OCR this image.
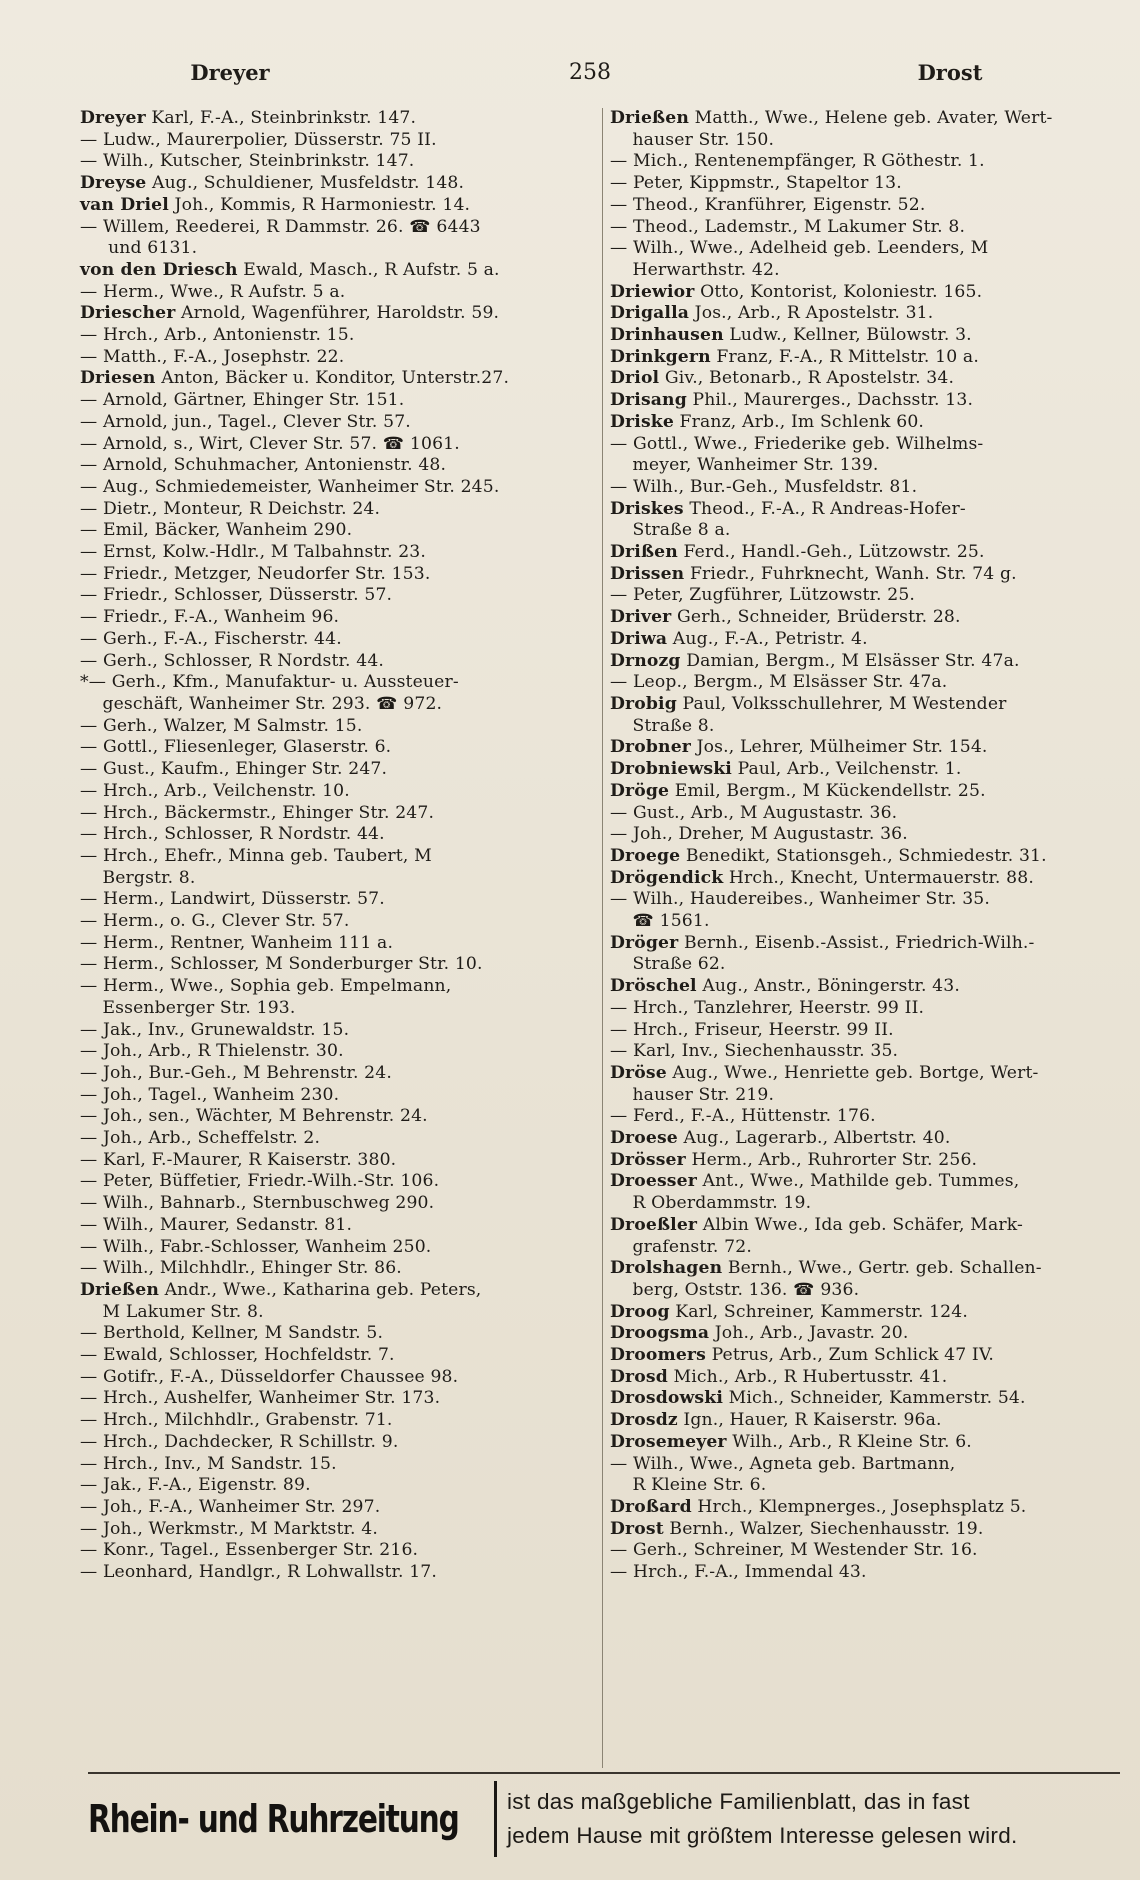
Dreyer	258	Drost
Dreyer Karl, F.-A., Steinbrinkstr. 147.
— Ludw., Maurerpolier, Düsserstr. 75 II.
— Wilh., Kutscher, Steinbrinkstr. 147.
Dreyse Aug., Schuldiener, Musfeldstr. 148.
van Driel Joh., Kommis, R Harmoniestr. 14.
— Willem, Reederei, R Dammstr. 26. ☎ 6443
und 6131.
von den Driesch Ewald, Masch., R Aufstr. 5 a.
— Herm., Wwe., R Aufstr. 5 a.
Driescher Arnold, Wagenführer, Haroldstr. 59.
— Hrch., Arb., Antonienstr. 15.
— Matth., F.-A., Josephstr. 22.
Driesen Anton, Bäcker u. Konditor, Unterstr.27.
— Arnold, Gärtner, Ehinger Str. 151.
— Arnold, jun., Tagel., Clever Str. 57.
— Arnold, s., Wirt, Clever Str. 57. ☎ 1061.
— Arnold, Schuhmacher, Antonienstr. 48.
— Aug., Schmiedemeister, Wanheimer Str. 245.
— Dietr., Monteur, R Deichstr. 24.
— Emil, Bäcker, Wanheim 290.
— Ernst, Kolw.-Hdlr., M Talbahnstr. 23.
— Friedr., Metzger, Neudorfer Str. 153.
— Friedr., Schlosser, Düsserstr. 57.
— Friedr., F.-A., Wanheim 96.
— Gerh., F.-A., Fischerstr. 44.
— Gerh., Schlosser, R Nordstr. 44.
*— Gerh., Kfm., Manufaktur- u. Aussteuer-
geschäft, Wanheimer Str. 293. ☎ 972.
— Gerh., Walzer, M Salmstr. 15.
— Gottl., Fliesenleger, Glaserstr. 6.
— Gust., Kaufm., Ehinger Str. 247.
— Hrch., Arb., Veilchenstr. 10.
— Hrch., Bäckermstr., Ehinger Str. 247.
— Hrch., Schlosser, R Nordstr. 44.
— Hrch., Ehefr., Minna geb. Taubert, M
Bergstr. 8.
— Herm., Landwirt, Düsserstr. 57.
— Herm., o. G., Clever Str. 57.
— Herm., Rentner, Wanheim 111 a.
— Herm., Schlosser, M Sonderburger Str. 10.
— Herm., Wwe., Sophia geb. Empelmann,
Essenberger Str. 193.
— Jak., Inv., Grunewaldstr. 15.
— Joh., Arb., R Thielenstr. 30.
— Joh., Bur.-Geh., M Behrenstr. 24.
— Joh., Tagel., Wanheim 230.
— Joh., sen., Wächter, M Behrenstr. 24.
— Joh., Arb., Scheffelstr. 2.
— Karl, F.-Maurer, R Kaiserstr. 380.
— Peter, Büffetier, Friedr.-Wilh.-Str. 106.
— Wilh., Bahnarb., Sternbuschweg 290.
— Wilh., Maurer, Sedanstr. 81.
— Wilh., Fabr.-Schlosser, Wanheim 250.
— Wilh., Milchhdlr., Ehinger Str. 86.
Drießen Andr., Wwe., Katharina geb. Peters,
M Lakumer Str. 8.
— Berthold, Kellner, M Sandstr. 5.
— Ewald, Schlosser, Hochfeldstr. 7.
— Gotifr., F.-A., Düsseldorfer Chaussee 98.
— Hrch., Aushelfer, Wanheimer Str. 173.
— Hrch., Milchhdlr., Grabenstr. 71.
— Hrch., Dachdecker, R Schillstr. 9.
— Hrch., Inv., M Sandstr. 15.
— Jak., F.-A., Eigenstr. 89.
— Joh., F.-A., Wanheimer Str. 297.
— Joh., Werkmstr., M Marktstr. 4.
— Konr., Tagel., Essenberger Str. 216.
— Leonhard, Handlgr., R Lohwallstr. 17.
Drießen Matth., Wwe., Helene geb. Avater, Wert-
hauser Str. 150.
— Mich., Rentenempfänger, R Göthestr. 1.
— Peter, Kippmstr., Stapeltor 13.
— Theod., Kranführer, Eigenstr. 52.
— Theod., Lademstr., M Lakumer Str. 8.
— Wilh., Wwe., Adelheid geb. Leenders, M
Herwarthstr. 42.
Driewior Otto, Kontorist, Koloniestr. 165.
Drigalla Jos., Arb., R Apostelstr. 31.
Drinhausen Ludw., Kellner, Bülowstr. 3.
Drinkgern Franz, F.-A., R Mittelstr. 10 a.
Driol Giv., Betonarb., R Apostelstr. 34.
Drisang Phil., Maurerges., Dachsstr. 13.
Driske Franz, Arb., Im Schlenk 60.
— Gottl., Wwe., Friederike geb. Wilhelms-
meyer, Wanheimer Str. 139.
— Wilh., Bur.-Geh., Musfeldstr. 81.
Driskes Theod., F.-A., R Andreas-Hofer-
Straße 8 a.
Drißen Ferd., Handl.-Geh., Lützowstr. 25.
Drissen Friedr., Fuhrknecht, Wanh. Str. 74 g.
— Peter, Zugführer, Lützowstr. 25.
Driver Gerh., Schneider, Brüderstr. 28.
Driwa Aug., F.-A., Petristr. 4.
Drnozg Damian, Bergm., M Elsässer Str. 47a.
— Leop., Bergm., M Elsässer Str. 47a.
Drobig Paul, Volksschullehrer, M Westender
Straße 8.
Drobner Jos., Lehrer, Mülheimer Str. 154.
Drobniewski Paul, Arb., Veilchenstr. 1.
Dröge Emil, Bergm., M Kückendellstr. 25.
— Gust., Arb., M Augustastr. 36.
— Joh., Dreher, M Augustastr. 36.
Droege Benedikt, Stationsgeh., Schmiedestr. 31.
Drögendick Hrch., Knecht, Untermauerstr. 88.
— Wilh., Haudereibes., Wanheimer Str. 35.
☎ 1561.
Dröger Bernh., Eisenb.-Assist., Friedrich-Wilh.-
Straße 62.
Dröschel Aug., Anstr., Böningerstr. 43.
— Hrch., Tanzlehrer, Heerstr. 99 II.
— Hrch., Friseur, Heerstr. 99 II.
— Karl, Inv., Siechenhausstr. 35.
Dröse Aug., Wwe., Henriette geb. Bortge, Wert-
hauser Str. 219.
— Ferd., F.-A., Hüttenstr. 176.
Droese Aug., Lagerarb., Albertstr. 40.
Drösser Herm., Arb., Ruhrorter Str. 256.
Droesser Ant., Wwe., Mathilde geb. Tummes,
R Oberdammstr. 19.
Droeßler Albin Wwe., Ida geb. Schäfer, Mark-
grafenstr. 72.
Drolshagen Bernh., Wwe., Gertr. geb. Schallen-
berg, Oststr. 136. ☎ 936.
Droog Karl, Schreiner, Kammerstr. 124.
Droogsma Joh., Arb., Javastr. 20.
Droomers Petrus, Arb., Zum Schlick 47 IV.
Drosd Mich., Arb., R Hubertusstr. 41.
Drosdowski Mich., Schneider, Kammerstr. 54.
Drosdz Ign., Hauer, R Kaiserstr. 96a.
Drosemeyer Wilh., Arb., R Kleine Str. 6.
— Wilh., Wwe., Agneta geb. Bartmann,
R Kleine Str. 6.
Droßard Hrch., Klempnerges., Josephsplatz 5.
Drost Bernh., Walzer, Siechenhausstr. 19.
— Gerh., Schreiner, M Westender Str. 16.
— Hrch., F.-A., Immendal 43.
Rhein- und Ruhrzeitung ist das maßgebliche Familienblatt, das in fast
jedem Hause mit größtem Interesse gelesen wird.
